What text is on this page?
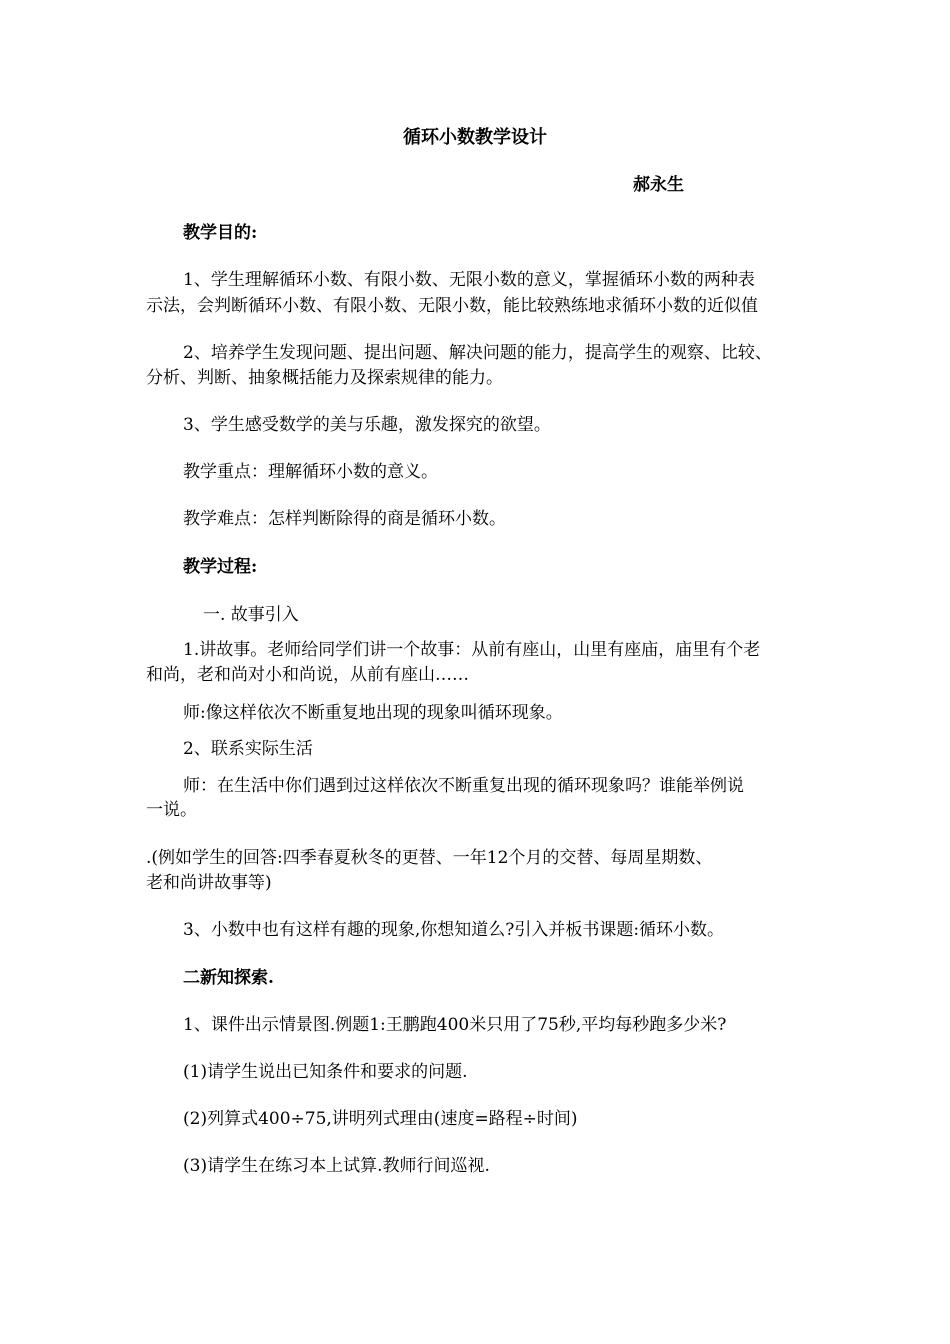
循环小数教学设计
郝永生
教学目的:
1、学生理解循环小数、有限小数、无限小数的意义，掌握循环小数的两种表
示法，会判断循环小数、有限小数、无限小数，能比较熟练地求循环小数的近似值
2、培养学生发现问题、提出问题、解决问题的能力，提高学生的观察、比较、
分析、判断、抽象概括能力及探索规律的能力。
3、学生感受数学的美与乐趣，激发探究的欲望。
教学重点：理解循环小数的意义。
教学难点：怎样判断除得的商是循环小数。
教学过程:
一. 故事引入
1.讲故事。老师给同学们讲一个故事：从前有座山，山里有座庙，庙里有个老
和尚，老和尚对小和尚说，从前有座山……
师:像这样依次不断重复地出现的现象叫循环现象。
2、联系实际生活
师：在生活中你们遇到过这样依次不断重复出现的循环现象吗？谁能举例说
一说。
.(例如学生的回答:四季春夏秋冬的更替、一年12个月的交替、每周星期数、
老和尚讲故事等)
3、小数中也有这样有趣的现象,你想知道么?引入并板书课题:循环小数。
二新知探索.
1、课件出示情景图.例题1:王鹏跑400米只用了75秒,平均每秒跑多少米?
(1)请学生说出已知条件和要求的问题.
(2)列算式400÷75,讲明列式理由(速度=路程÷时间)
(3)请学生在练习本上试算.教师行间巡视.
